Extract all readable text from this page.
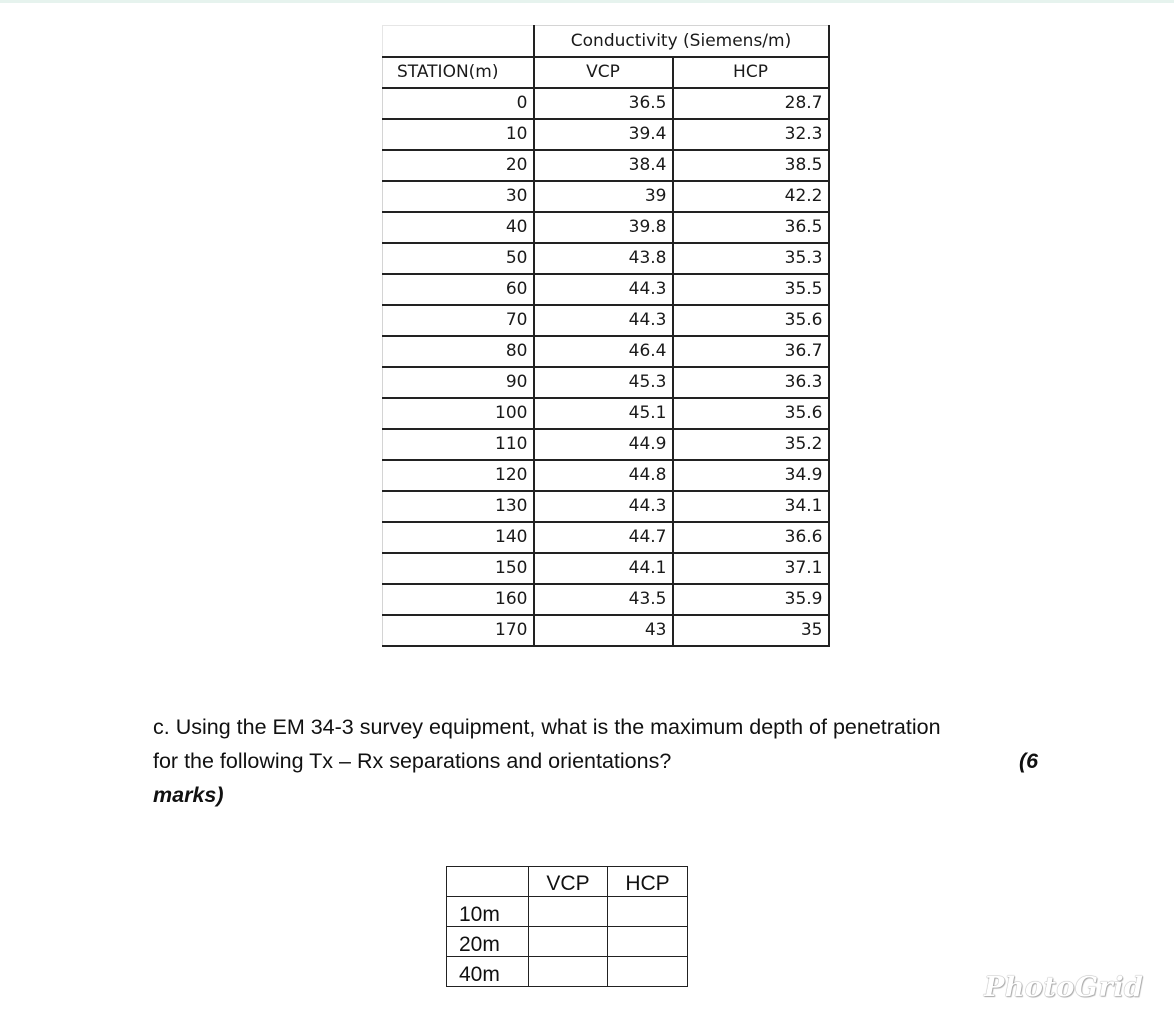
	Conductivity (Siemens/m)	
STATION(m)	VCP	HCP
0	36.5	28.7
10	39.4	32.3
20	38.4	38.5
30	39	42.2
40	39.8	36.5
50	43.8	35.3
60	44.3	35.5
70	44.3	35.6
80	46.4	36.7
90	45.3	36.3
100	45.1	35.6
110	44.9	35.2
120	44.8	34.9
130	44.3	34.1
140	44.7	36.6
150	44.1	37.1
160	43.5	35.9
170	43	35
c. Using the EM 34-3 survey equipment, what is the maximum depth of penetration
for the following Tx – Rx separations and orientations?	(6
marks)
	VCP	HCP
10m		
20m		
40m			PhotoGrid
